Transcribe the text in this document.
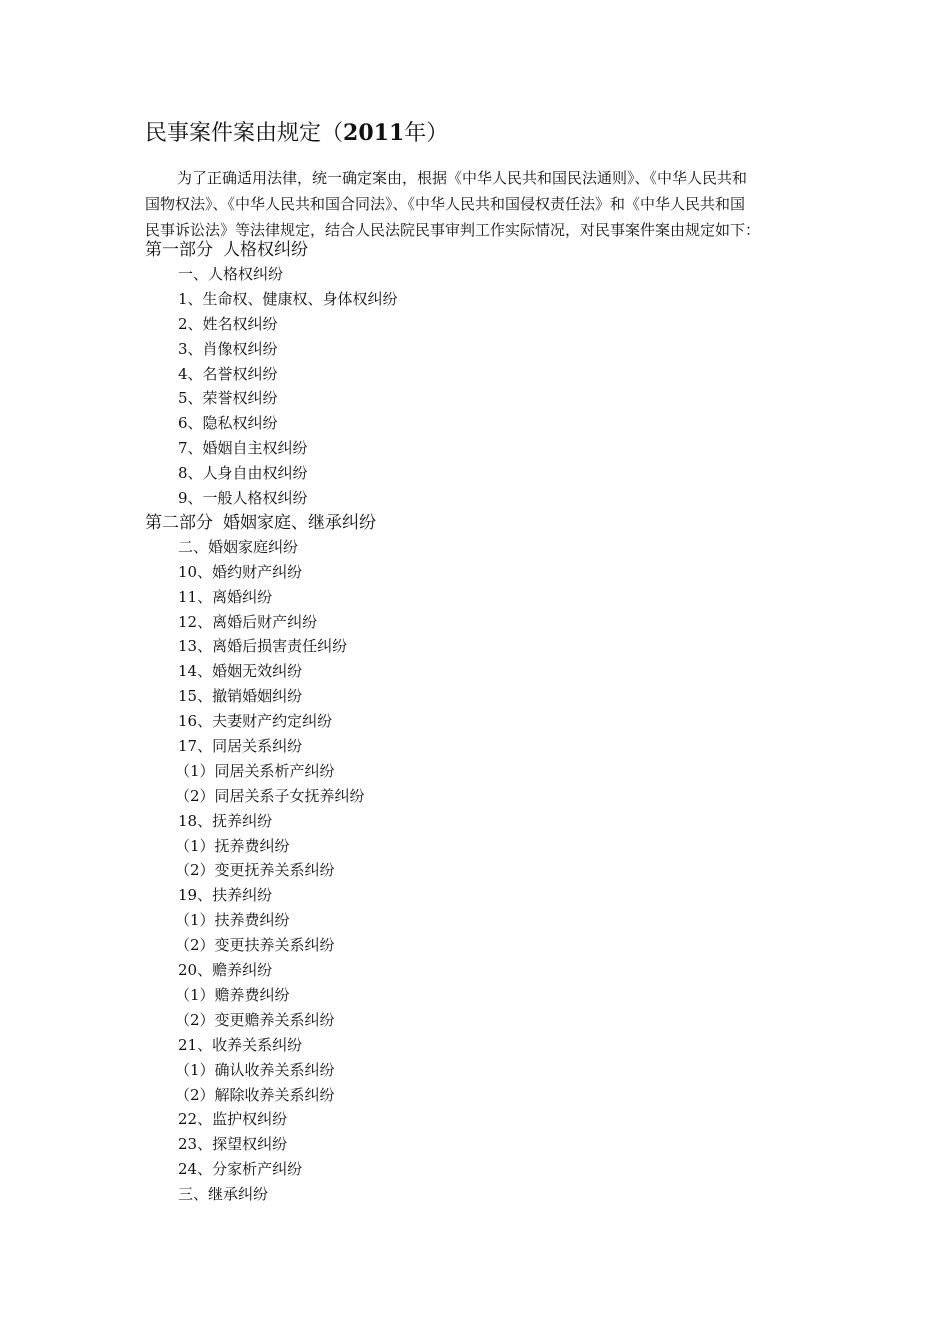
民事案件案由规定（2011年）
为了正确适用法律，统一确定案由，根据《中华人民共和国民法通则》、《中华人民共和
国物权法》、《中华人民共和国合同法》、《中华人民共和国侵权责任法》和《中华人民共和国
民事诉讼法》等法律规定，结合人民法院民事审判工作实际情况，对民事案件案由规定如下：
第一部分 人格权纠纷
一、人格权纠纷
1、生命权、健康权、身体权纠纷
2、姓名权纠纷
3、肖像权纠纷
4、名誉权纠纷
5、荣誉权纠纷
6、隐私权纠纷
7、婚姻自主权纠纷
8、人身自由权纠纷
9、一般人格权纠纷
第二部分 婚姻家庭、继承纠纷
二、婚姻家庭纠纷
10、婚约财产纠纷
11、离婚纠纷
12、离婚后财产纠纷
13、离婚后损害责任纠纷
14、婚姻无效纠纷
15、撤销婚姻纠纷
16、夫妻财产约定纠纷
17、同居关系纠纷
（1）同居关系析产纠纷
（2）同居关系子女抚养纠纷
18、抚养纠纷
（1）抚养费纠纷
（2）变更抚养关系纠纷
19、扶养纠纷
（1）扶养费纠纷
（2）变更扶养关系纠纷
20、赡养纠纷
（1）赡养费纠纷
（2）变更赡养关系纠纷
21、收养关系纠纷
（1）确认收养关系纠纷
（2）解除收养关系纠纷
22、监护权纠纷
23、探望权纠纷
24、分家析产纠纷
三、继承纠纷
